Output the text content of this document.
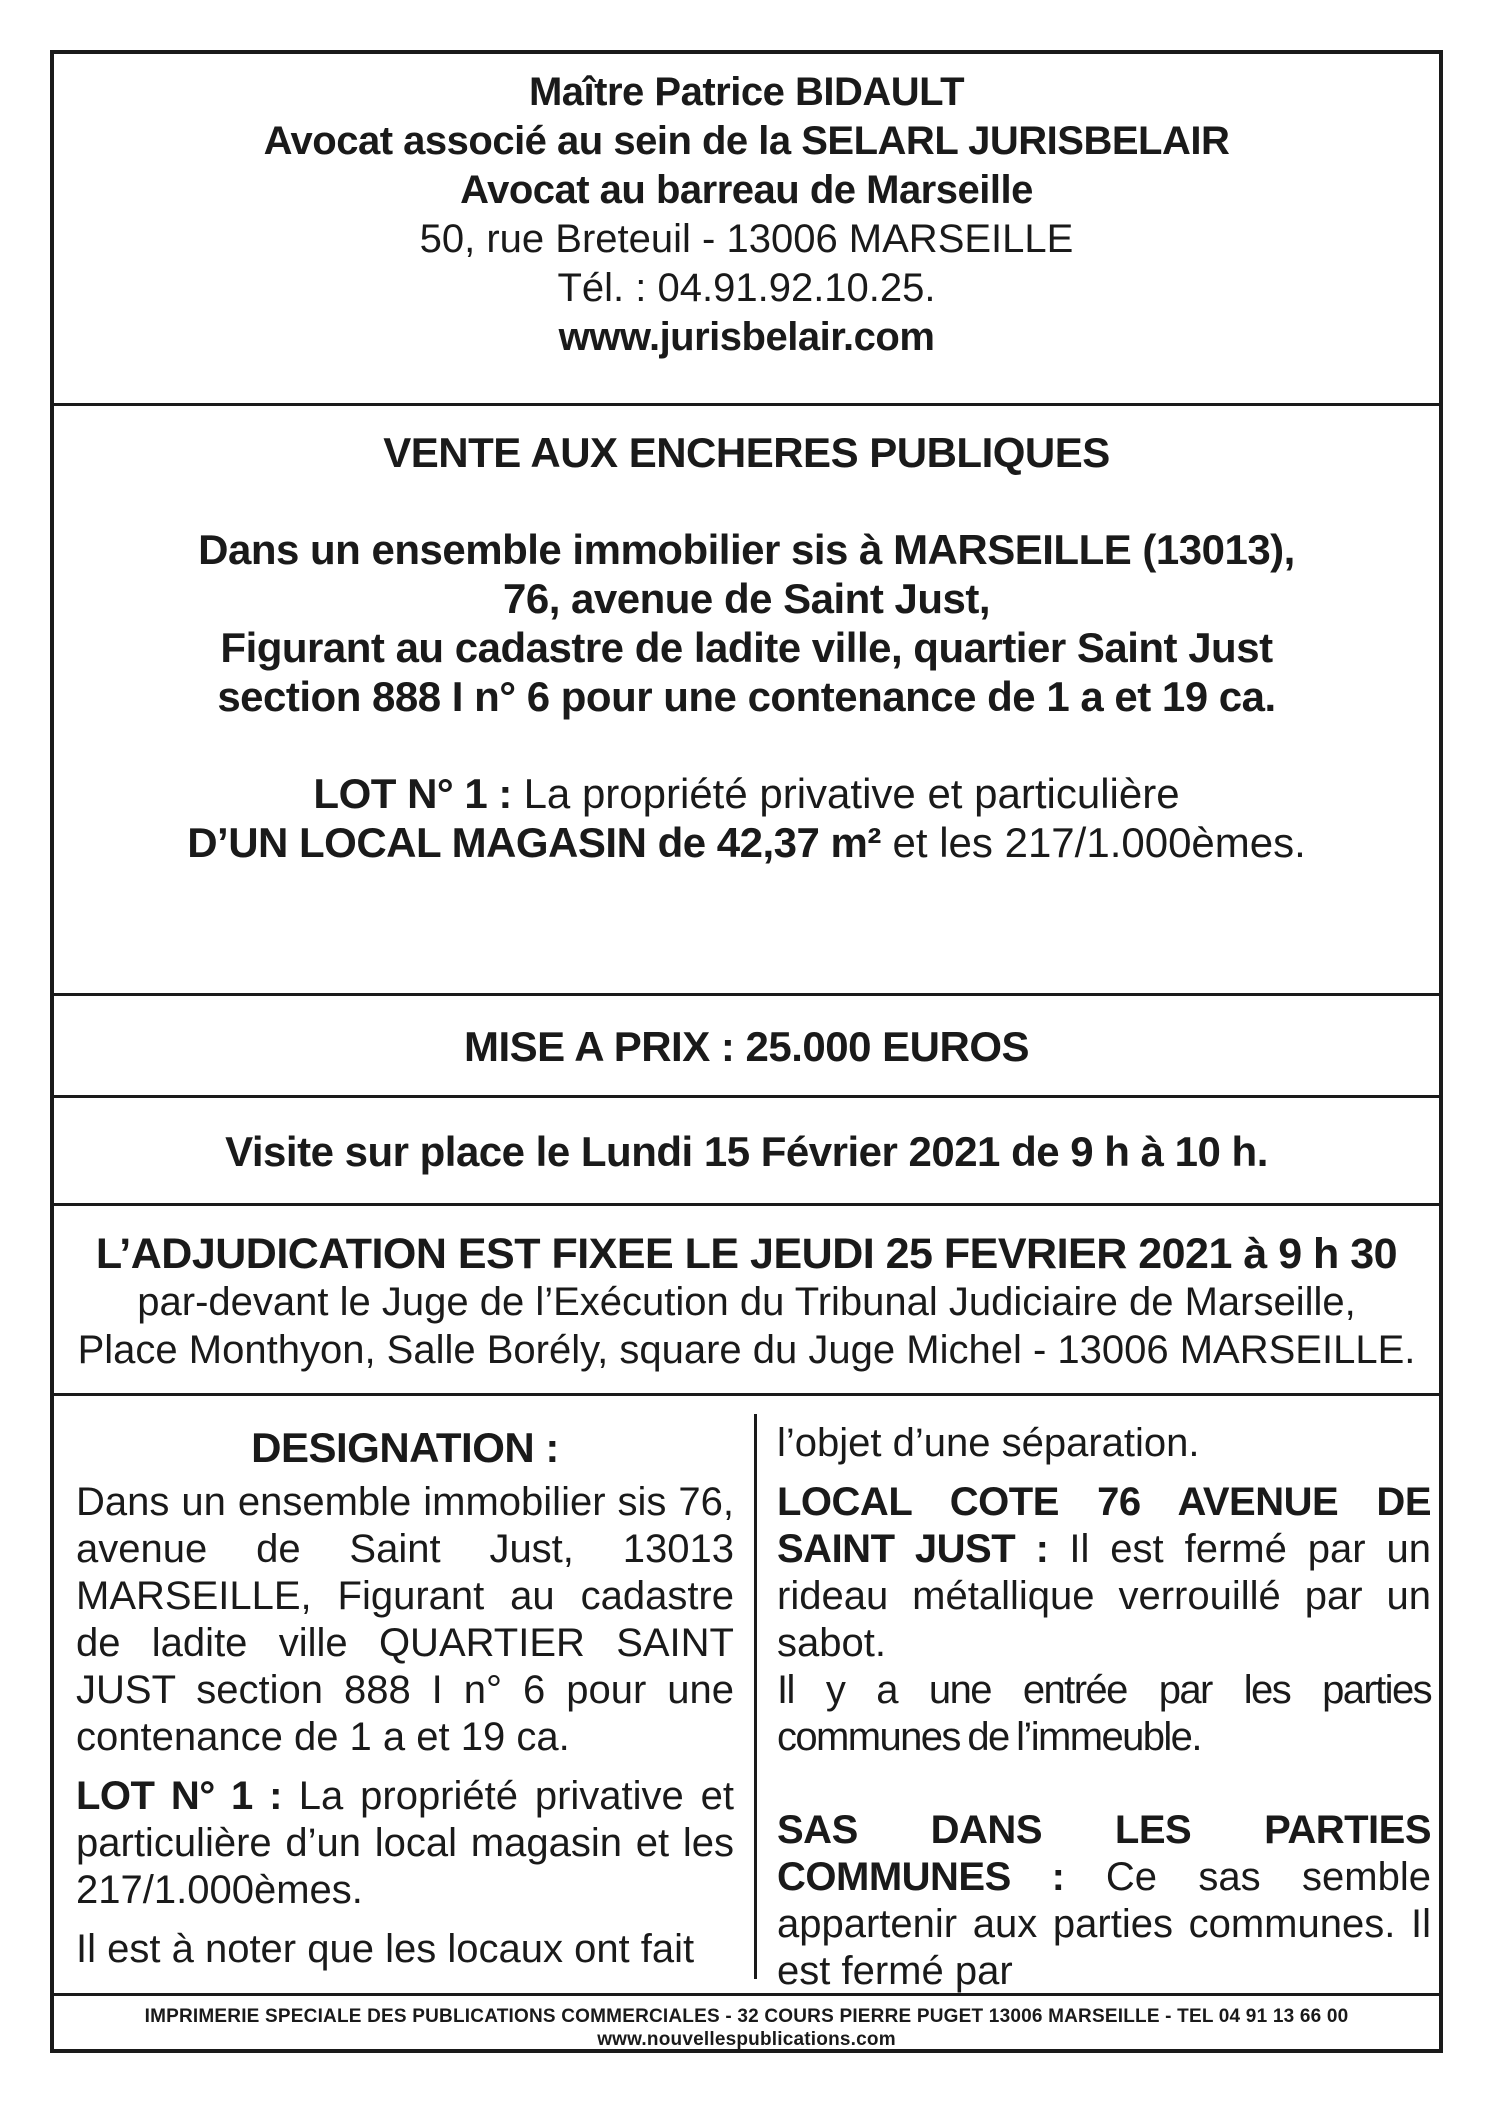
Maître Patrice BIDAULT
Avocat associé au sein de la SELARL JURISBELAIR
Avocat au barreau de Marseille
50, rue Breteuil - 13006 MARSEILLE
Tél. : 04.91.92.10.25.
www.jurisbelair.com
VENTE AUX ENCHERES PUBLIQUES
Dans un ensemble immobilier sis à MARSEILLE (13013),
76, avenue de Saint Just,
Figurant au cadastre de ladite ville, quartier Saint Just
section 888 I n° 6 pour une contenance de 1 a et 19 ca.
LOT N° 1 : La propriété privative et particulière
D’UN LOCAL MAGASIN de 42,37 m² et les 217/1.000èmes.
MISE A PRIX : 25.000 EUROS
Visite sur place le Lundi 15 Février 2021 de 9 h à 10 h.
L’ADJUDICATION EST FIXEE LE JEUDI 25 FEVRIER 2021 à 9 h 30
par-devant le Juge de l’Exécution du Tribunal Judiciaire de Marseille,
Place Monthyon, Salle Borély, square du Juge Michel - 13006 MARSEILLE.
DESIGNATION :

Dans un ensemble immobilier sis 76, avenue de Saint Just, 13013 MARSEILLE, Figurant au cadastre de ladite ville QUARTIER SAINT JUST section 888 I n° 6 pour une contenance de 1 a et 19 ca.

LOT N° 1 : La propriété privative et particulière d’un local magasin et les 217/1.000èmes.

Il est à noter que les locaux ont fait

l’objet d’une séparation.

LOCAL COTE 76 AVENUE DE SAINT JUST : Il est fermé par un rideau métallique verrouillé par un sabot.

Il y a une entrée par les parties communes de l’immeuble.

SAS DANS LES PARTIES COMMUNES : Ce sas semble appartenir aux parties communes. Il est fermé par

IMPRIMERIE SPECIALE DES PUBLICATIONS COMMERCIALES - 32 COURS PIERRE PUGET 13006 MARSEILLE - TEL 04 91 13 66 00
www.nouvellespublications.com
